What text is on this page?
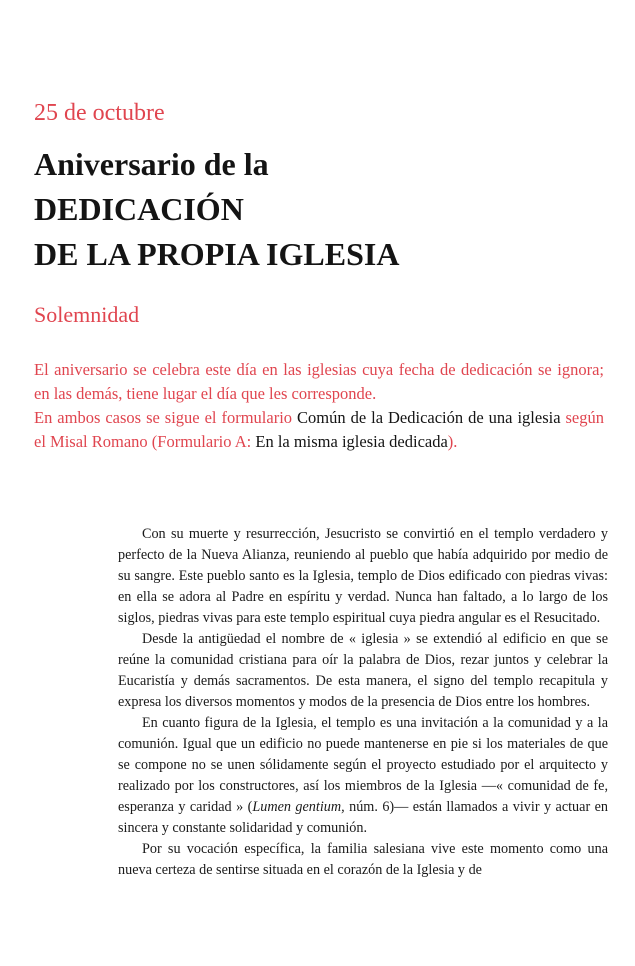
25 de octubre
Aniversario de la
DEDICACIÓN
DE LA PROPIA IGLESIA
Solemnidad

El aniversario se celebra este día en las iglesias cuya fecha de dedicación se ignora; en las demás, tiene lugar el día que les corresponde.

En ambos casos se sigue el formulario Común de la Dedicación de una iglesia según el Misal Romano (Formulario A: En la misma iglesia dedicada).

Con su muerte y resurrección, Jesucristo se convirtió en el templo verdadero y perfecto de la Nueva Alianza, reuniendo al pueblo que había adquirido por medio de su sangre. Este pueblo santo es la Iglesia, templo de Dios edificado con piedras vivas: en ella se adora al Padre en espíritu y verdad. Nunca han faltado, a lo largo de los siglos, piedras vivas para este templo espiritual cuya piedra angular es el Resucitado.

Desde la antigüedad el nombre de « iglesia » se extendió al edificio en que se reúne la comunidad cristiana para oír la palabra de Dios, rezar juntos y celebrar la Eucaristía y demás sacramentos. De esta manera, el signo del templo recapitula y expresa los diversos momentos y modos de la presencia de Dios entre los hombres.

En cuanto figura de la Iglesia, el templo es una invitación a la comunidad y a la comunión. Igual que un edificio no puede mantenerse en pie si los materiales de que se compone no se unen sólidamente según el proyecto estudiado por el arquitecto y realizado por los constructores, así los miembros de la Iglesia —« comunidad de fe, esperanza y caridad » (Lumen gentium, núm. 6)— están llamados a vivir y actuar en sincera y constante solidaridad y comunión.

Por su vocación específica, la familia salesiana vive este momento como una nueva certeza de sentirse situada en el corazón de la Iglesia y de
